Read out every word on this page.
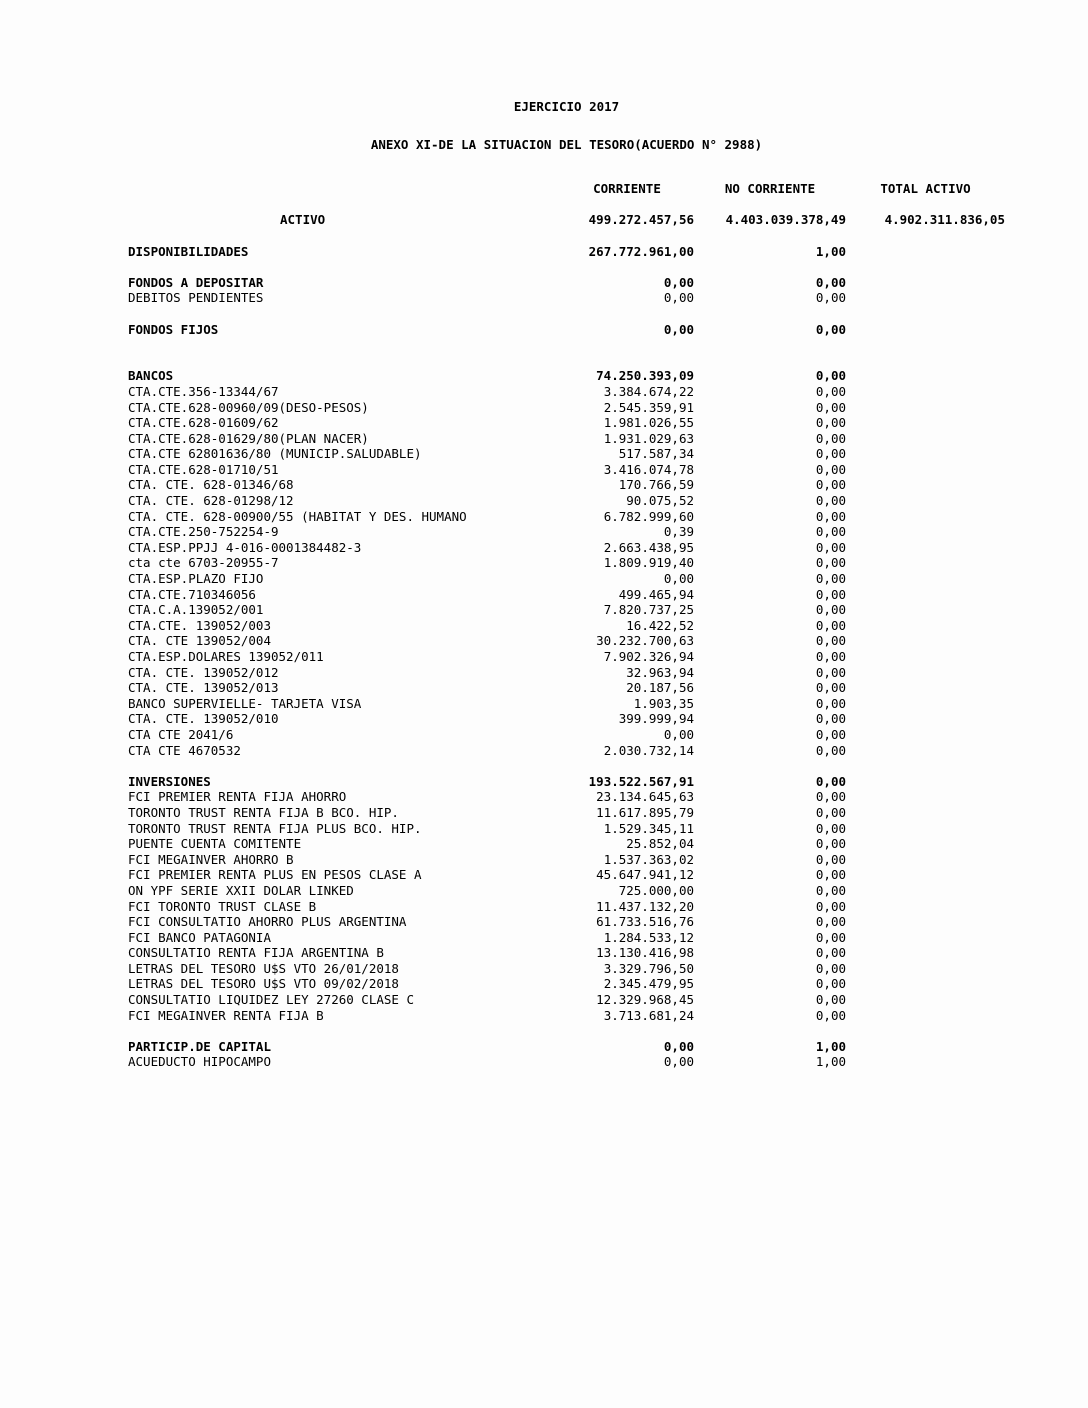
EJERCICIO 2017
ANEXO XI-DE LA SITUACION DEL TESORO(ACUERDO N° 2988)
CORRIENTE	NO CORRIENTE	TOTAL ACTIVO
ACTIVO	499.272.457,56	4.403.039.378,49	4.902.311.836,05
DISPONIBILIDADES	267.772.961,00	1,00
FONDOS A DEPOSITAR	0,00	0,00
DEBITOS PENDIENTES	0,00	0,00
FONDOS FIJOS	0,00	0,00
BANCOS	74.250.393,09	0,00
CTA.CTE.356-13344/67	3.384.674,22	0,00
CTA.CTE.628-00960/09(DESO-PESOS)	2.545.359,91	0,00
CTA.CTE.628-01609/62	1.981.026,55	0,00
CTA.CTE.628-01629/80(PLAN NACER)	1.931.029,63	0,00
CTA.CTE 62801636/80 (MUNICIP.SALUDABLE)	517.587,34	0,00
CTA.CTE.628-01710/51	3.416.074,78	0,00
CTA. CTE. 628-01346/68	170.766,59	0,00
CTA. CTE. 628-01298/12	90.075,52	0,00
CTA. CTE. 628-00900/55 (HABITAT Y DES. HUMANO	6.782.999,60	0,00
CTA.CTE.250-752254-9	0,39	0,00
CTA.ESP.PPJJ 4-016-0001384482-3	2.663.438,95	0,00
cta cte 6703-20955-7	1.809.919,40	0,00
CTA.ESP.PLAZO FIJO	0,00	0,00
CTA.CTE.710346056	499.465,94	0,00
CTA.C.A.139052/001	7.820.737,25	0,00
CTA.CTE. 139052/003	16.422,52	0,00
CTA. CTE 139052/004	30.232.700,63	0,00
CTA.ESP.DOLARES 139052/011	7.902.326,94	0,00
CTA. CTE. 139052/012	32.963,94	0,00
CTA. CTE. 139052/013	20.187,56	0,00
BANCO SUPERVIELLE- TARJETA VISA	1.903,35	0,00
CTA. CTE. 139052/010	399.999,94	0,00
CTA CTE 2041/6	0,00	0,00
CTA CTE 4670532	2.030.732,14	0,00
INVERSIONES	193.522.567,91	0,00
FCI PREMIER RENTA FIJA AHORRO	23.134.645,63	0,00
TORONTO TRUST RENTA FIJA B BCO. HIP.	11.617.895,79	0,00
TORONTO TRUST RENTA FIJA PLUS BCO. HIP.	1.529.345,11	0,00
PUENTE CUENTA COMITENTE	25.852,04	0,00
FCI MEGAINVER AHORRO B	1.537.363,02	0,00
FCI PREMIER RENTA PLUS EN PESOS CLASE A	45.647.941,12	0,00
ON YPF SERIE XXII DOLAR LINKED	725.000,00	0,00
FCI TORONTO TRUST CLASE B	11.437.132,20	0,00
FCI CONSULTATIO AHORRO PLUS ARGENTINA	61.733.516,76	0,00
FCI BANCO PATAGONIA	1.284.533,12	0,00
CONSULTATIO RENTA FIJA ARGENTINA B	13.130.416,98	0,00
LETRAS DEL TESORO U$S VTO 26/01/2018	3.329.796,50	0,00
LETRAS DEL TESORO U$S VTO 09/02/2018	2.345.479,95	0,00
CONSULTATIO LIQUIDEZ LEY 27260 CLASE C	12.329.968,45	0,00
FCI MEGAINVER RENTA FIJA B	3.713.681,24	0,00
PARTICIP.DE CAPITAL	0,00	1,00
ACUEDUCTO HIPOCAMPO	0,00	1,00
